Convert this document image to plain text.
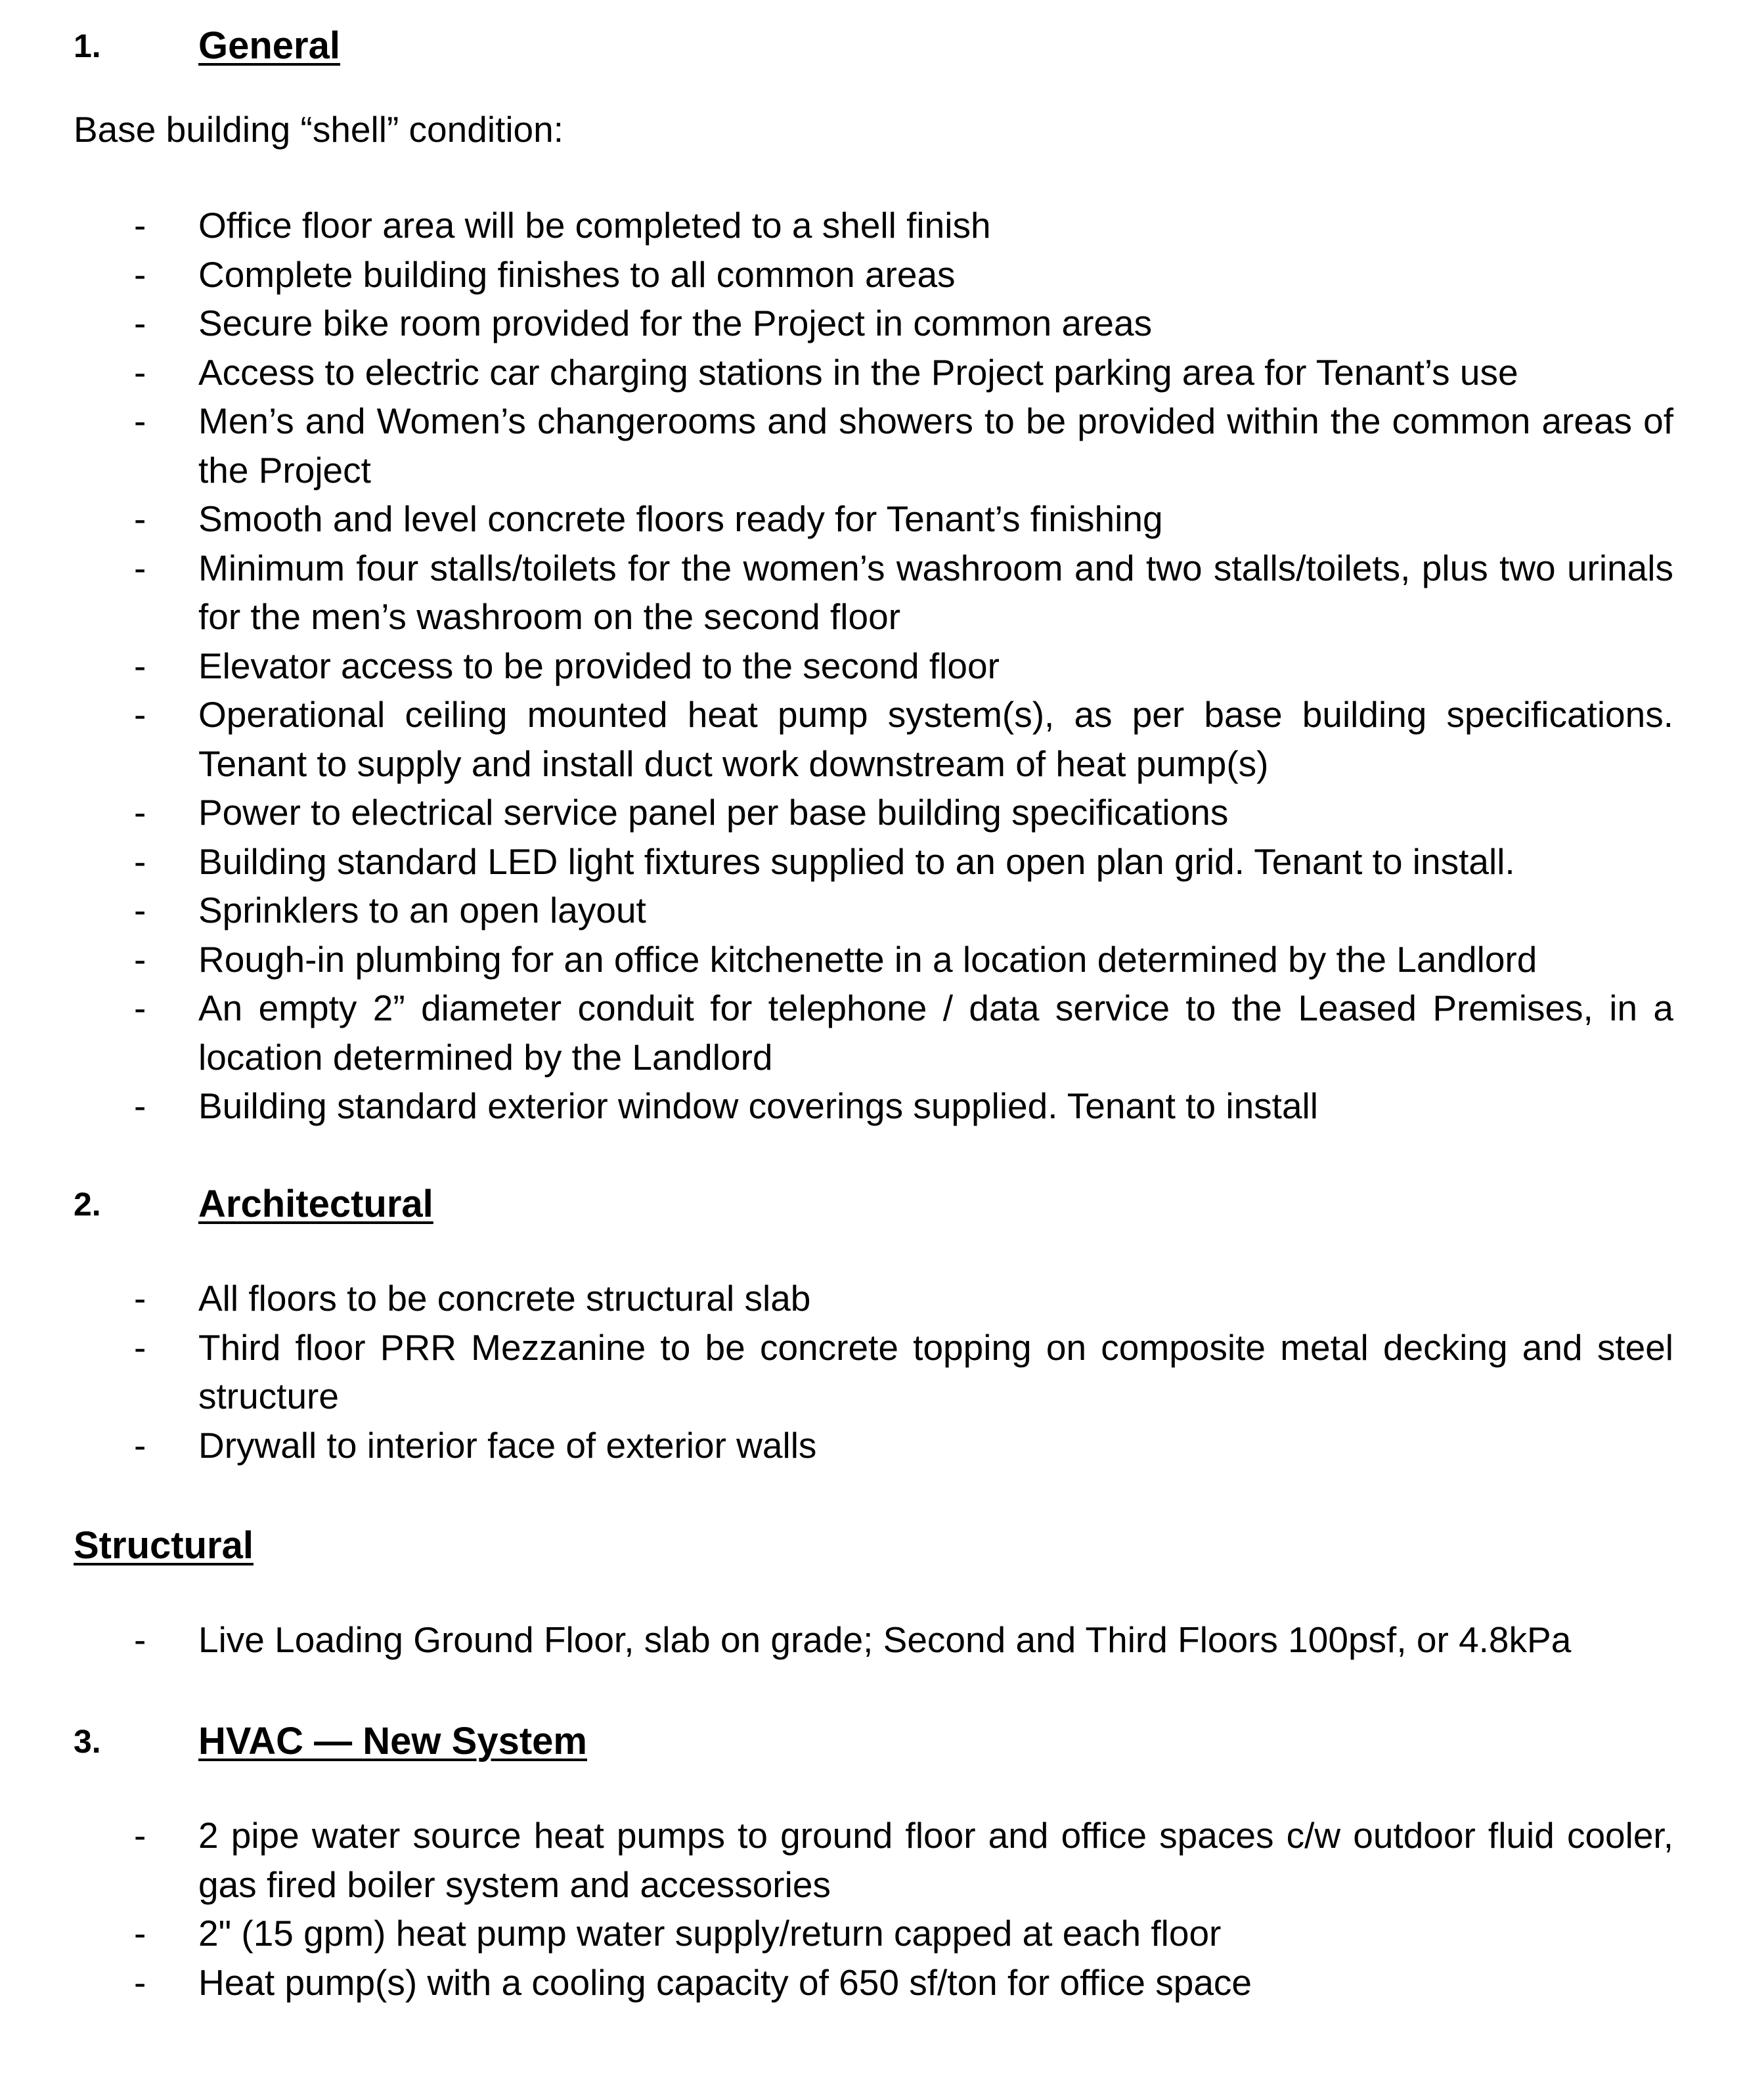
1.	General
Base building “shell” condition:
- Office floor area will be completed to a shell finish
- Complete building finishes to all common areas
- Secure bike room provided for the Project in common areas
- Access to electric car charging stations in the Project parking area for Tenant’s use
- Men’s and Women’s changerooms and showers to be provided within the common areas of the Project
- Smooth and level concrete floors ready for Tenant’s finishing
- Minimum four stalls/toilets for the women’s washroom and two stalls/toilets, plus two urinals for the men’s washroom on the second floor
- Elevator access to be provided to the second floor
- Operational ceiling mounted heat pump system(s), as per base building specifications. Tenant to supply and install duct work downstream of heat pump(s)
- Power to electrical service panel per base building specifications
- Building standard LED light fixtures supplied to an open plan grid. Tenant to install.
- Sprinklers to an open layout
- Rough-in plumbing for an office kitchenette in a location determined by the Landlord
- An empty 2” diameter conduit for telephone / data service to the Leased Premises, in a location determined by the Landlord
- Building standard exterior window coverings supplied. Tenant to install
2.	Architectural
- All floors to be concrete structural slab
- Third floor PRR Mezzanine to be concrete topping on composite metal decking and steel structure
- Drywall to interior face of exterior walls
Structural
- Live Loading Ground Floor, slab on grade; Second and Third Floors 100psf, or 4.8kPa
3.	HVAC — New System
- 2 pipe water source heat pumps to ground floor and office spaces c/w outdoor fluid cooler, gas fired boiler system and accessories
- 2" (15 gpm) heat pump water supply/return capped at each floor
- Heat pump(s) with a cooling capacity of 650 sf/ton for office space
